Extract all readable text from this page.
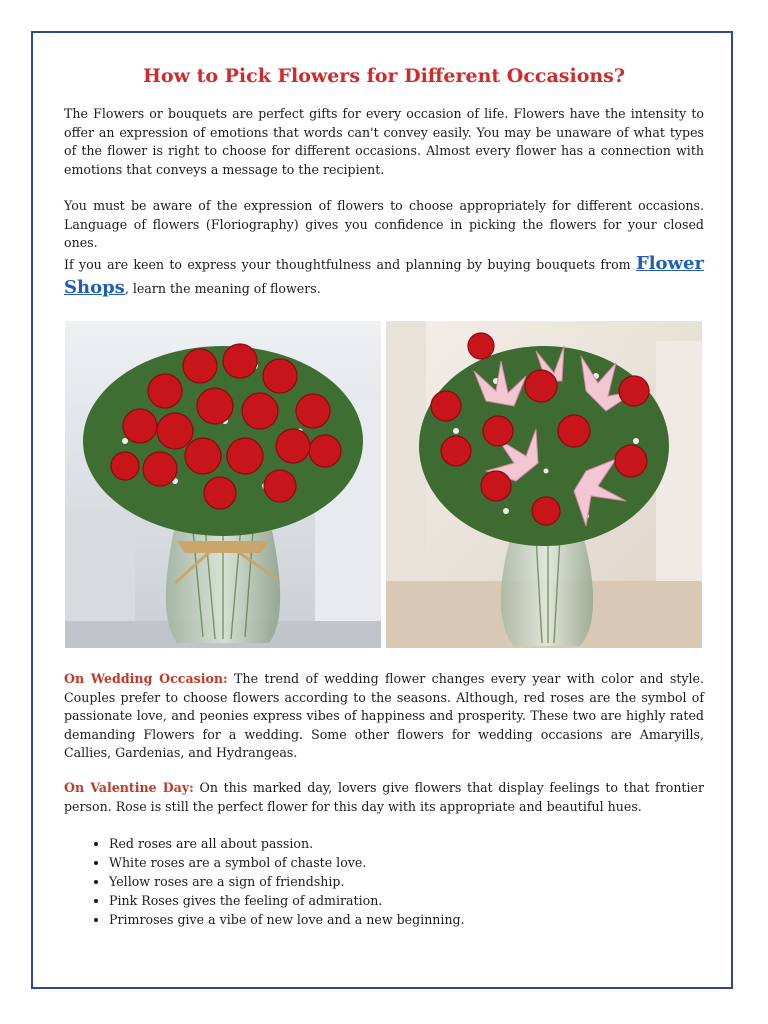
How to Pick Flowers for Different Occasions?

The Flowers or bouquets are perfect gifts for every occasion of life. Flowers have the intensity to offer an expression of emotions that words can't convey easily. You may be unaware of what types of the flower is right to choose for different occasions. Almost every flower has a connection with emotions that conveys a message to the recipient.

You must be aware of the expression of flowers to choose appropriately for different occasions. Language of flowers (Floriography) gives you confidence in picking the flowers for your closed ones.

If you are keen to express your thoughtfulness and planning by buying bouquets from Flower Shops, learn the meaning of flowers.

On Wedding Occasion: The trend of wedding flower changes every year with color and style. Couples prefer to choose flowers according to the seasons. Although, red roses are the symbol of passionate love, and peonies express vibes of happiness and prosperity. These two are highly rated demanding Flowers for a wedding. Some other flowers for wedding occasions are Amaryills, Callies, Gardenias, and Hydrangeas.

On Valentine Day: On this marked day, lovers give flowers that display feelings to that frontier person. Rose is still the perfect flower for this day with its appropriate and beautiful hues.

• Red roses are all about passion.
• White roses are a symbol of chaste love.
• Yellow roses are a sign of friendship.
• Pink Roses gives the feeling of admiration.
• Primroses give a vibe of new love and a new beginning.
